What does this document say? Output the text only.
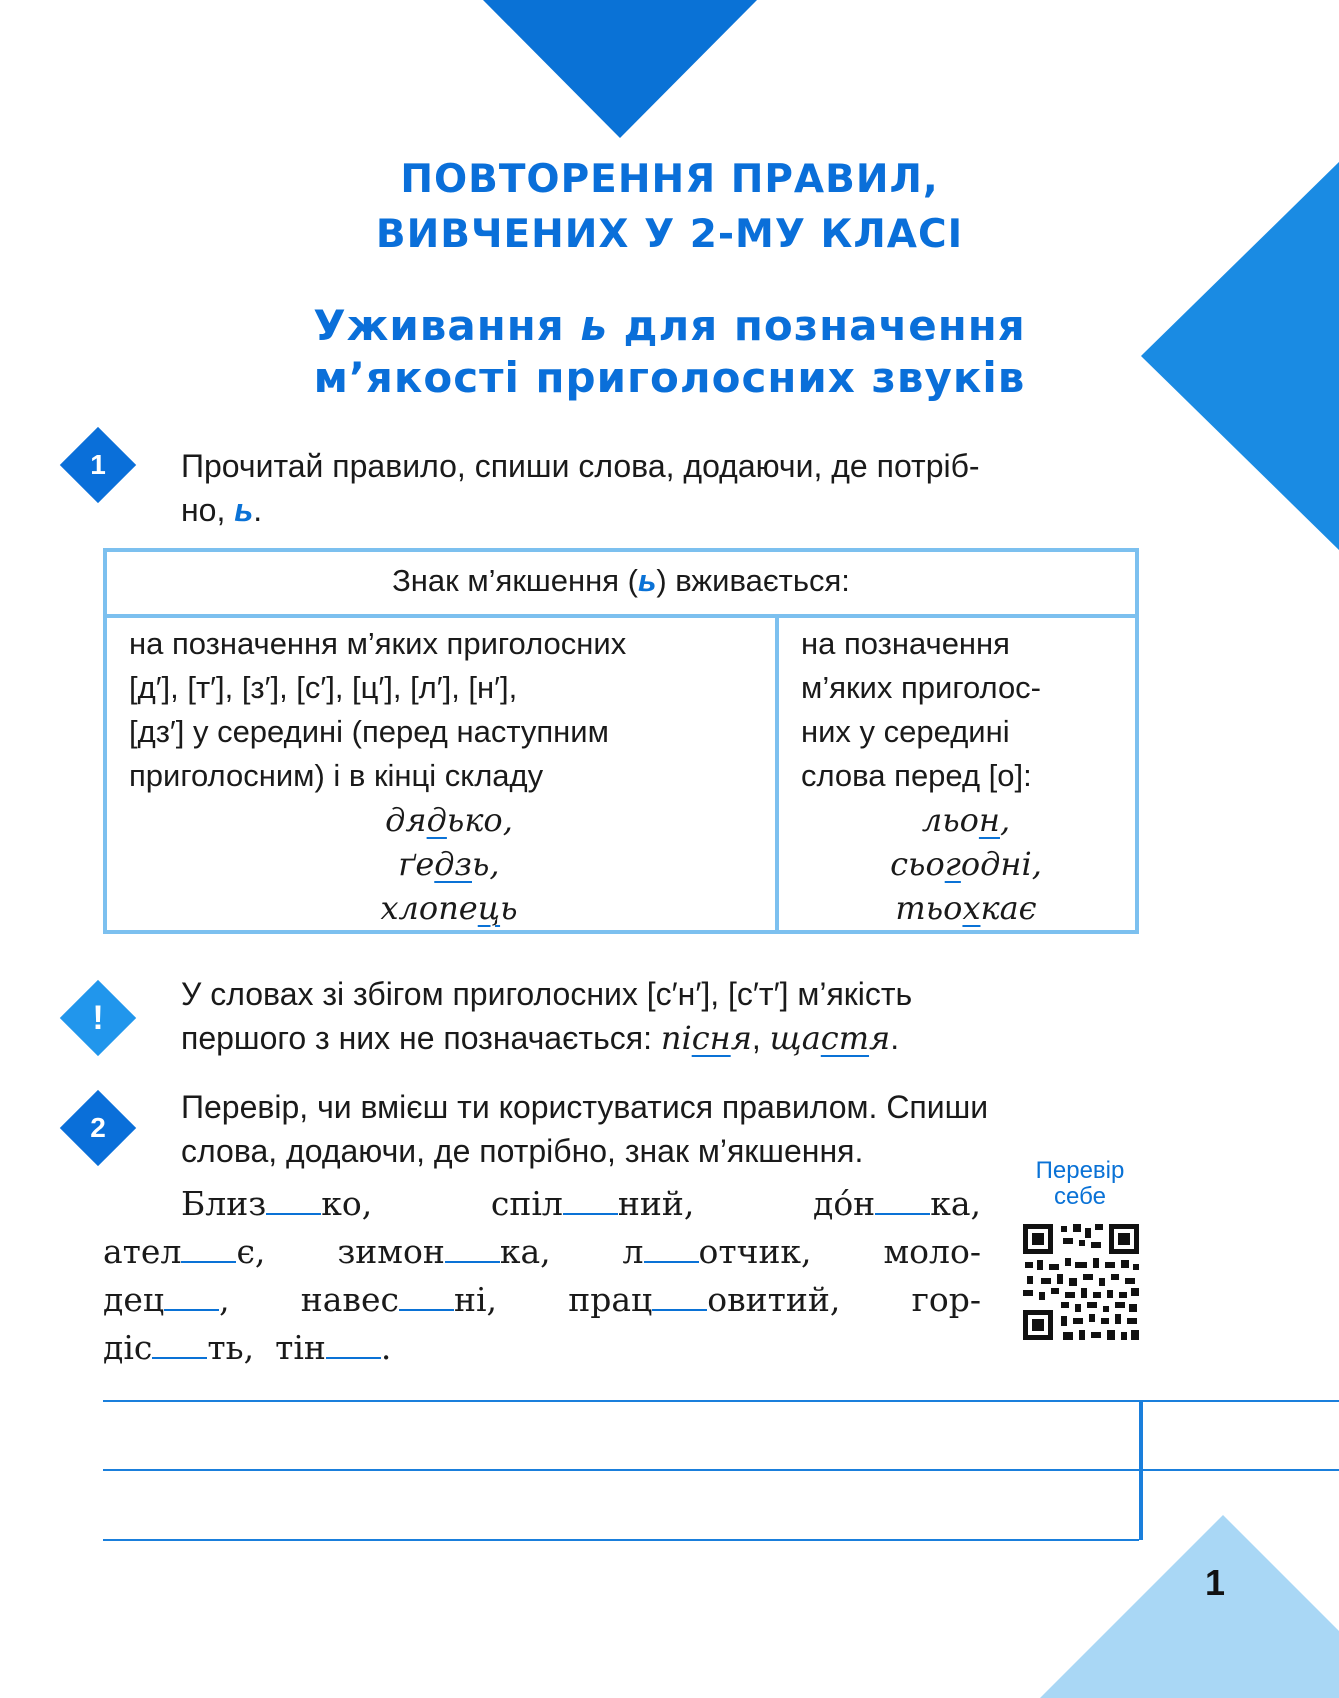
1
ПОВТОРЕННЯ ПРАВИЛ,
ВИВЧЕНИХ У 2-МУ КЛАСІ
Уживання ь для позначення
м’якості приголосних звуків
1	Прочитай правило, спиши слова, додаючи, де потріб-
но, ь.
Знак м’якшення (ь) вживається:
на позначення м’яких приголосних
[д′], [т′], [з′], [с′], [ц′], [л′], [н′],
[дз′] у середині (перед наступним
приголосним) і в кінці складу
дядько,
ґедзь,
хлопець
на позначення
м’яких приголос-
них у середині
слова перед [о]:
льон,
сьогодні,
тьохкає
!
У словах зі збігом приголосних [с′н′], [с′т′] м’якість
першого з них не позначається: пісня, щастя.
2
Перевір, чи вмієш ти користуватися правилом. Спиши
слова, додаючи, де потрібно, знак м’якшення.
Близ ко,	спіл ний,	до́н ка,
ател є, зимон ка, л отчик, моло-
дец , навес ні, прац овитий, гор-
діс ть, тін .
Перевір
себе
